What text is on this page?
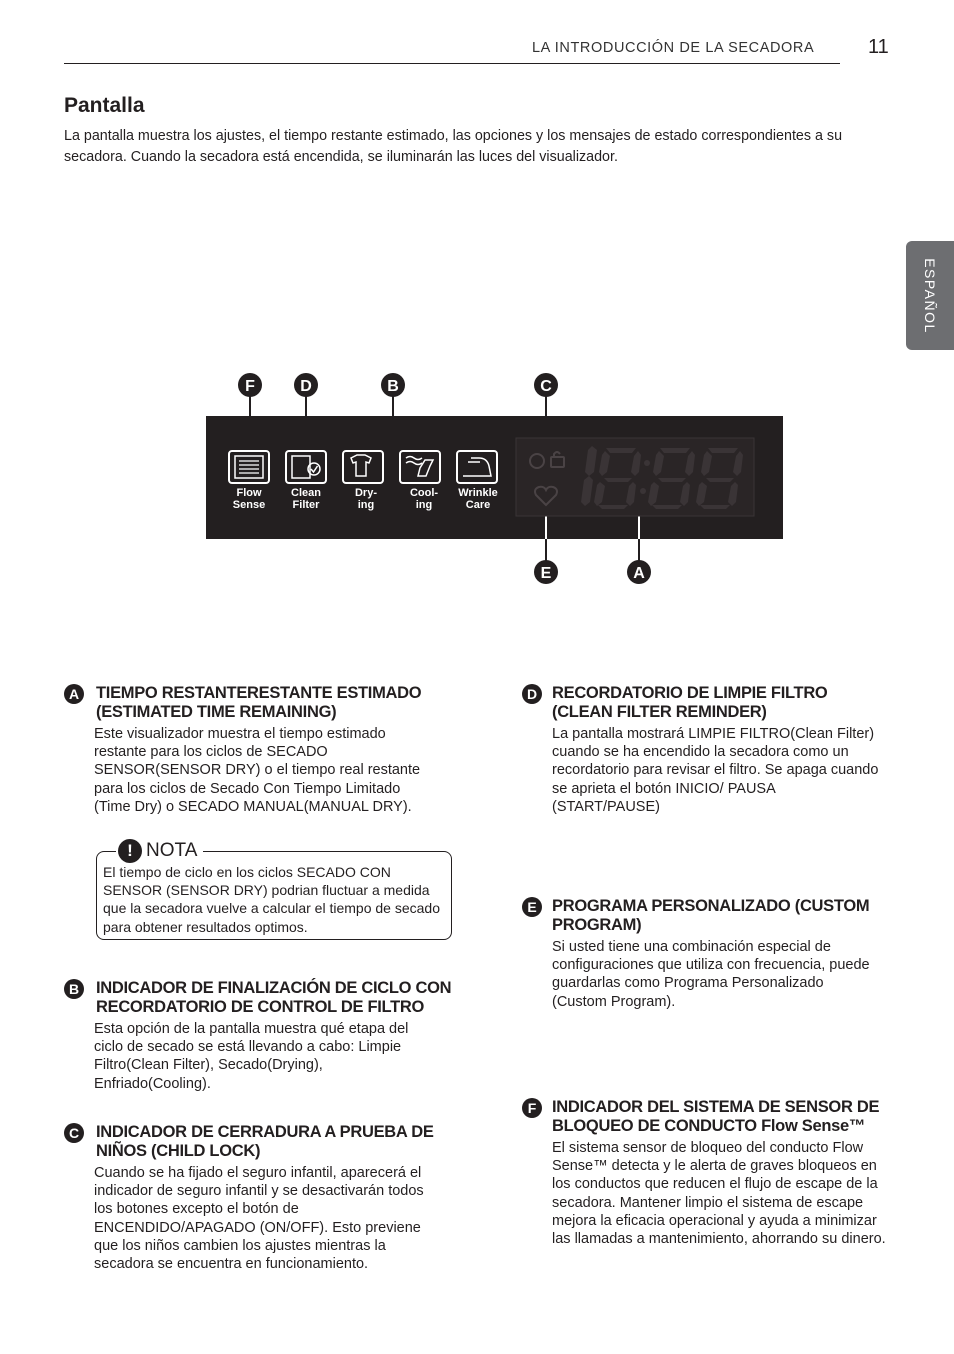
LA INTRODUCCIÓN DE LA SECADORA	11
ESPAÑOL
Pantalla
La pantalla muestra los ajustes, el tiempo restante estimado, las opciones y los mensajes de estado correspondientes a su secadora. Cuando la secadora está encendida, se iluminarán las luces del visualizador.
F	D	B	C
E	A
Flow
Sense
Clean
Filter
Dry-
ing
Cool-
ing
Wrinkle
Care
A TIEMPO RESTANTERESTANTE ESTIMADO (ESTIMATED TIME REMAINING)
Este visualizador muestra el tiempo estimado restante para los ciclos de SECADO SENSOR(SENSOR DRY) o el tiempo real restante para los ciclos de Secado Con Tiempo Limitado (Time Dry) o SECADO MANUAL(MANUAL DRY).
! NOTA
El tiempo de ciclo en los ciclos SECADO CON SENSOR (SENSOR DRY) podrian fluctuar a medida que la secadora vuelve a calcular el tiempo de secado para obtener resultados optimos.
B INDICADOR DE FINALIZACIÓN DE CICLO CON RECORDATORIO DE CONTROL DE FILTRO
Esta opción de la pantalla muestra qué etapa del ciclo de secado se está llevando a cabo: Limpie Filtro(Clean Filter), Secado(Drying), Enfriado(Cooling).
C INDICADOR DE CERRADURA A PRUEBA DE NIÑOS (CHILD LOCK)
Cuando se ha fijado el seguro infantil, aparecerá el indicador de seguro infantil y se desactivarán todos los botones excepto el botón de ENCENDIDO/APAGADO (ON/OFF). Esto previene que los niños cambien los ajustes mientras la secadora se encuentra en funcionamiento.
D RECORDATORIO DE LIMPIE FILTRO (CLEAN FILTER REMINDER)
La pantalla mostrará LIMPIE FILTRO(Clean Filter) cuando se ha encendido la secadora como un recordatorio para revisar el filtro. Se apaga cuando se aprieta el botón INICIO/ PAUSA (START/PAUSE)
E PROGRAMA PERSONALIZADO (CUSTOM PROGRAM)
Si usted tiene una combinación especial de configuraciones que utiliza con frecuencia, puede guardarlas como Programa Personalizado (Custom Program).
F INDICADOR DEL SISTEMA DE SENSOR DE BLOQUEO DE CONDUCTO Flow Sense™
El sistema sensor de bloqueo del conducto Flow Sense™ detecta y le alerta de graves bloqueos en los conductos que reducen el flujo de escape de la secadora. Mantener limpio el sistema de escape mejora la eficacia operacional y ayuda a minimizar las llamadas a mantenimiento, ahorrando su dinero.
